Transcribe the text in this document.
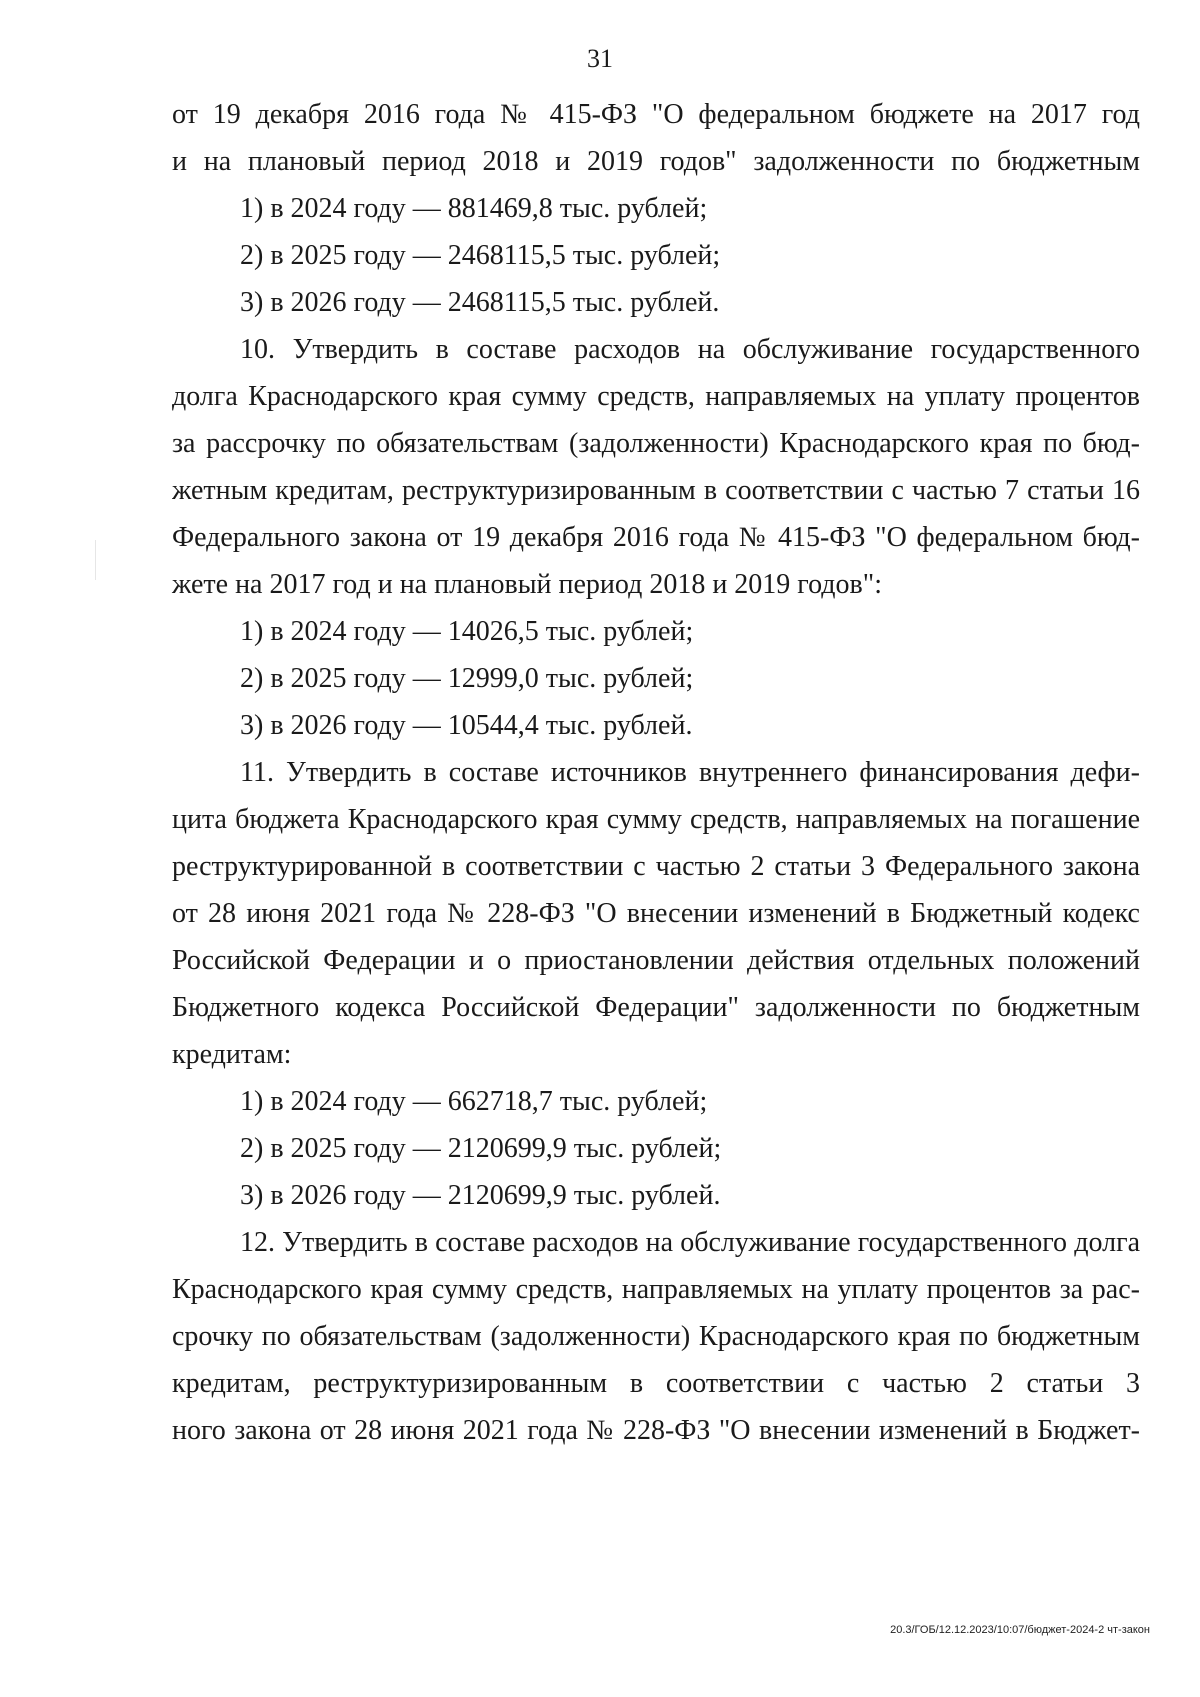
31
от 19 декабря 2016 года № 415-ФЗ "О федеральном бюджете на 2017 год
и на плановый период 2018 и 2019 годов" задолженности по бюджетным
1) в 2024 году — 881469,8 тыс. рублей;
2) в 2025 году — 2468115,5 тыс. рублей;
3) в 2026 году — 2468115,5 тыс. рублей.
10. Утвердить в составе расходов на обслуживание государственного
долга Краснодарского края сумму средств, направляемых на уплату процентов
за рассрочку по обязательствам (задолженности) Краснодарского края по бюд-
жетным кредитам, реструктуризированным в соответствии с частью 7 статьи 16
Федерального закона от 19 декабря 2016 года № 415-ФЗ "О федеральном бюд-
жете на 2017 год и на плановый период 2018 и 2019 годов":
1) в 2024 году — 14026,5 тыс. рублей;
2) в 2025 году — 12999,0 тыс. рублей;
3) в 2026 году — 10544,4 тыс. рублей.
11. Утвердить в составе источников внутреннего финансирования дефи-
цита бюджета Краснодарского края сумму средств, направляемых на погашение
реструктурированной в соответствии с частью 2 статьи 3 Федерального закона
от 28 июня 2021 года № 228-ФЗ "О внесении изменений в Бюджетный кодекс
Российской Федерации и о приостановлении действия отдельных положений
Бюджетного кодекса Российской Федерации" задолженности по бюджетным
кредитам:
1) в 2024 году — 662718,7 тыс. рублей;
2) в 2025 году — 2120699,9 тыс. рублей;
3) в 2026 году — 2120699,9 тыс. рублей.
12. Утвердить в составе расходов на обслуживание государственного долга
Краснодарского края сумму средств, направляемых на уплату процентов за рас-
срочку по обязательствам (задолженности) Краснодарского края по бюджетным
кредитам, реструктуризированным в соответствии с частью 2 статьи 3
ного закона от 28 июня 2021 года № 228-ФЗ "О внесении изменений в Бюджет-
20.3/ГОБ/12.12.2023/10:07/бюджет-2024-2 чт-закон
